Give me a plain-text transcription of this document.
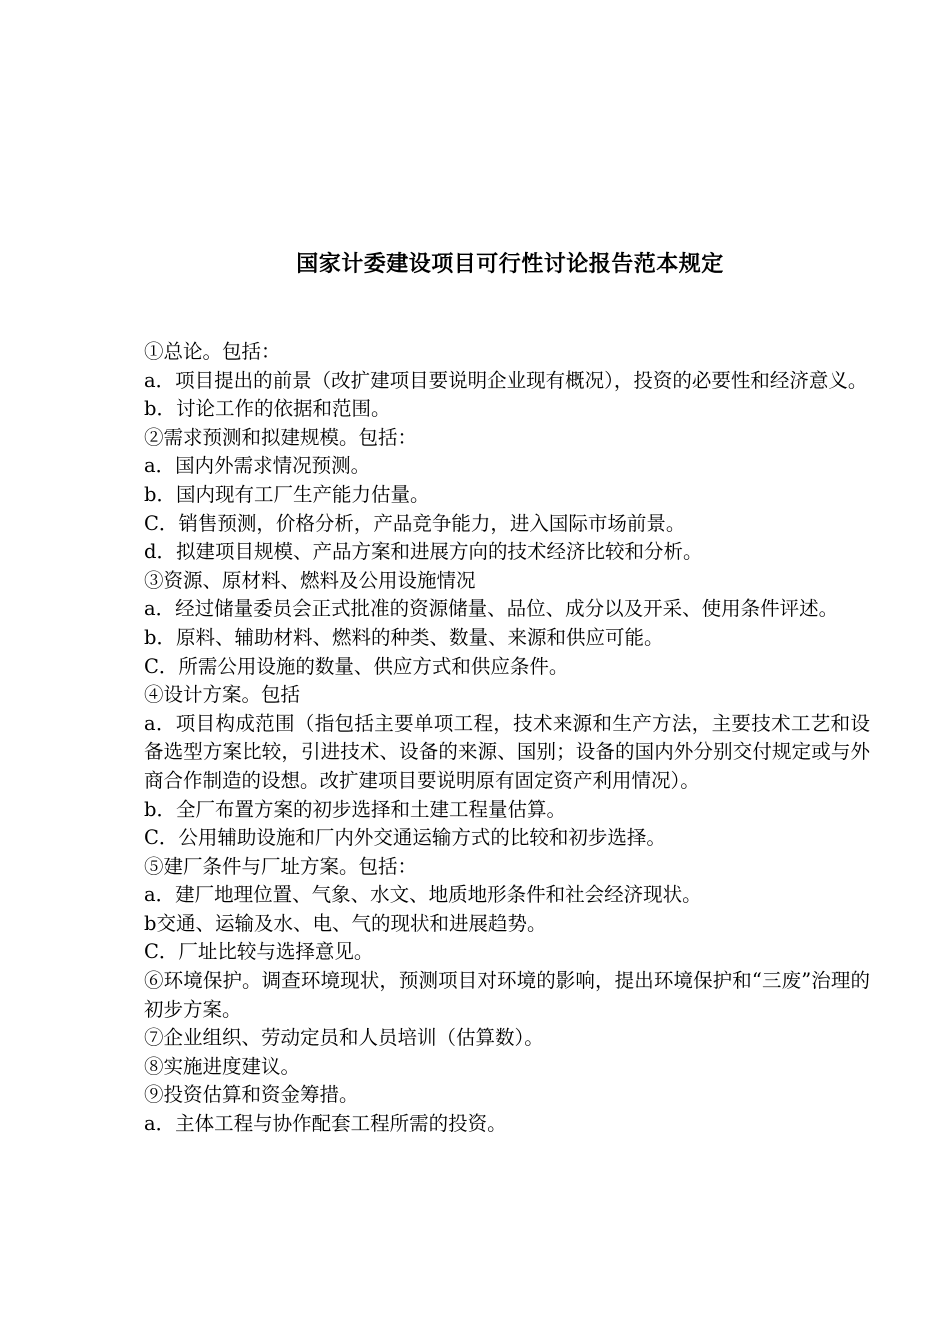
国家计委建设项目可行性讨论报告范本规定

①总论。包括：

a．项目提出的前景（改扩建项目要说明企业现有概况），投资的必要性和经济意义。

b．讨论工作的依据和范围。

②需求预测和拟建规模。包括：

a．国内外需求情况预测。

b．国内现有工厂生产能力估量。

C．销售预测，价格分析，产品竞争能力，进入国际市场前景。

d．拟建项目规模、产品方案和进展方向的技术经济比较和分析。

③资源、原材料、燃料及公用设施情况

a．经过储量委员会正式批准的资源储量、品位、成分以及开采、使用条件评述。

b．原料、辅助材料、燃料的种类、数量、来源和供应可能。

C．所需公用设施的数量、供应方式和供应条件。

④设计方案。包括

a．项目构成范围（指包括主要单项工程，技术来源和生产方法，主要技术工艺和设备选型方案比较，引进技术、设备的来源、国别；设备的国内外分别交付规定或与外商合作制造的设想。改扩建项目要说明原有固定资产利用情况）。

b．全厂布置方案的初步选择和土建工程量估算。

C．公用辅助设施和厂内外交通运输方式的比较和初步选择。

⑤建厂条件与厂址方案。包括：

a．建厂地理位置、气象、水文、地质地形条件和社会经济现状。

b交通、运输及水、电、气的现状和进展趋势。

C．厂址比较与选择意见。

⑥环境保护。调查环境现状，预测项目对环境的影响，提出环境保护和“三废”治理的初步方案。

⑦企业组织、劳动定员和人员培训（估算数）。

⑧实施进度建议。

⑨投资估算和资金筹措。

a．主体工程与协作配套工程所需的投资。
